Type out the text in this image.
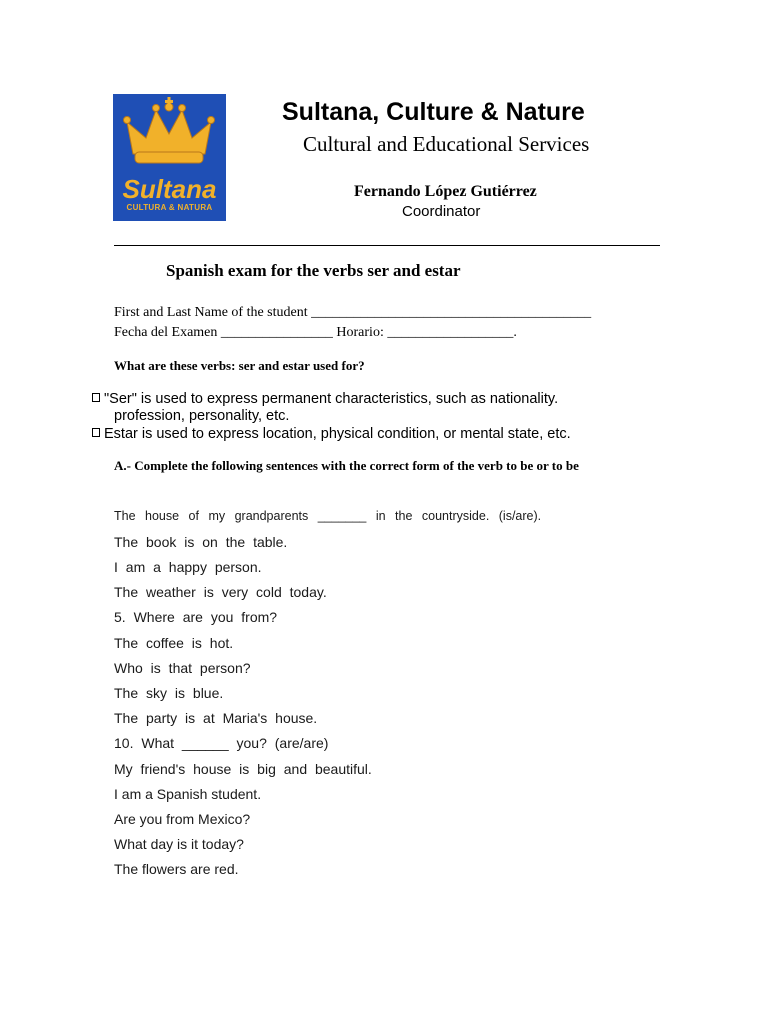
Sultana
CULTURA & NATURA
Sultana, Culture & Nature
Cultural and Educational Services
Fernando López Gutiérrez
Coordinator
Spanish exam for the verbs ser and estar
First and Last Name of the student ________________________________________
Fecha del Examen ________________ Horario: __________________.
What are these verbs: ser and estar used for?
"Ser" is used to express permanent characteristics, such as nationality.
profession, personality, etc.
Estar is used to express location, physical condition, or mental state, etc.
A.- Complete the following sentences with the correct form of the verb to be or to be
The house of my grandparents _______ in the countryside. (is/are).
The book is on the table.
I am a happy person.
The weather is very cold today.
5. Where are you from?
The coffee is hot.
Who is that person?
The sky is blue.
The party is at Maria's house.
10. What ______ you? (are/are)
My friend's house is big and beautiful.
I am a Spanish student.
Are you from Mexico?
What day is it today?
The flowers are red.
